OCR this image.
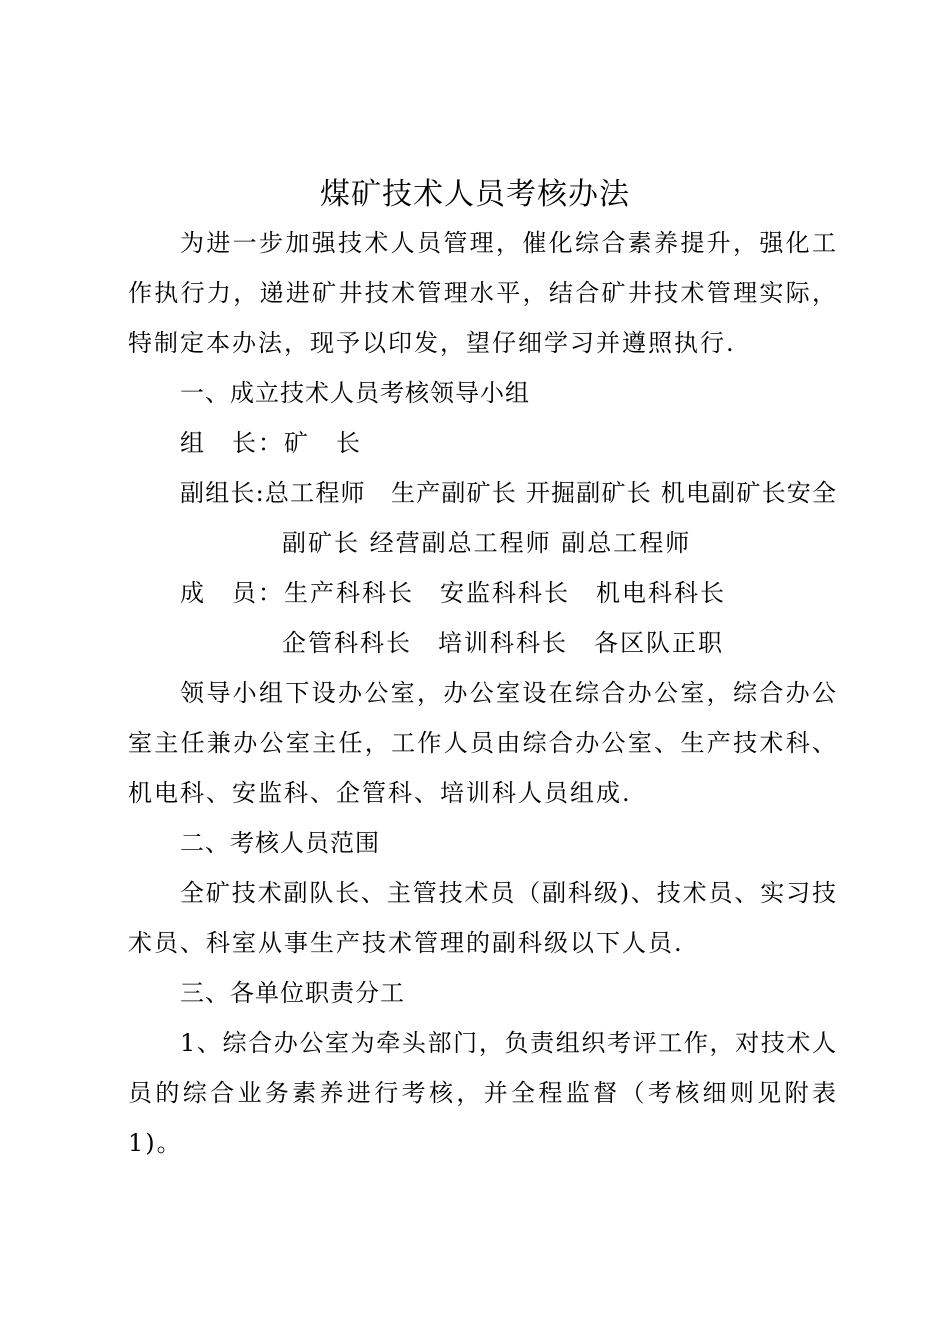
煤矿技术人员考核办法
为进一步加强技术人员管理，催化综合素养提升，强化工
作执行力，递进矿井技术管理水平，结合矿井技术管理实际，
特制定本办法，现予以印发，望仔细学习并遵照执行.
一、成立技术人员考核领导小组
组　长：矿　长
副组长:总工程师　生产副矿长 开掘副矿长 机电副矿长安全
副矿长 经营副总工程师 副总工程师
成　员：生产科科长　安监科科长　机电科科长
企管科科长　培训科科长　各区队正职
领导小组下设办公室，办公室设在综合办公室，综合办公
室主任兼办公室主任，工作人员由综合办公室、生产技术科、
机电科、安监科、企管科、培训科人员组成.
二、考核人员范围
全矿技术副队长、主管技术员（副科级)、技术员、实习技
术员、科室从事生产技术管理的副科级以下人员.
三、各单位职责分工
1、综合办公室为牵头部门，负责组织考评工作，对技术人
员的综合业务素养进行考核，并全程监督（考核细则见附表
1)。
